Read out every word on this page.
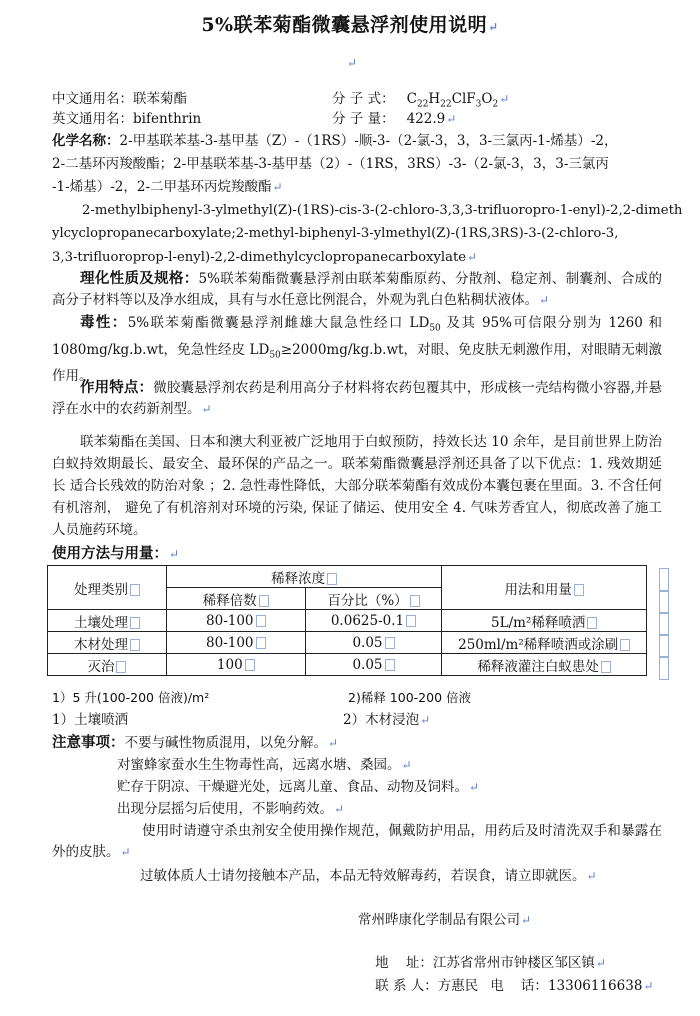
5%联苯菊酯微囊悬浮剂使用说明↵
↵
中文通用名：联苯菊酯	分 子 式： $C_{22}H_{22}ClF_3O_2↵$
英文通用名：bifenthrin	分 子 量： 422.9↵
化学名称：2-甲基联苯基-3-基甲基（Z）-（1RS）-顺-3-（2-氯-3，3，3-三氯丙-1-烯基）-2，
2-二基环丙羧酸酯；2-甲基联苯基-3-基甲基（2）-（1RS，3RS）-3-（2-氯-3，3，3-三氯丙
-1-烯基）-2，2-二甲基环丙烷羧酸酯↵
2-methylbiphenyl-3-ylmethyl(Z)-(1RS)-cis-3-(2-chloro-3,3,3-trifluoropro-1-enyl)-2,2-dimeth
ylcyclopropanecarboxylate;2-methyl-biphenyl-3-ylmethyl(Z)-(1RS,3RS)-3-(2-chloro-3,
3,3-trifluoroprop-l-enyl)-2,2-dimethylcyclopropanecarboxylate↵
理化性质及规格：5%联苯菊酯微囊悬浮剂由联苯菊酯原药、分散剂、稳定剂、制囊剂、合成的高分子材料等以及净水组成，具有与水任意比例混合，外观为乳白色粘稠状液体。↵
毒性：5%联苯菊酯微囊悬浮剂雌雄大鼠急性经口 $LD_{50}$ 及其 95%可信限分别为 1260 和 1080mg/kg.b.wt，免急性经皮 $LD_{50}\ge 2000mg/kg.b.wt$，对眼、免皮肤无刺激作用，对眼睛无刺激作用。
作用特点：微胶囊悬浮剂农药是利用高分子材料将农药包覆其中，形成核一壳结构微小容器,并悬浮在水中的农药新剂型。↵
联苯菊酯在美国、日本和澳大利亚被广泛地用于白蚁预防，持效长达 10 余年，是目前世界上防治白蚁持效期最长、最安全、最环保的产品之一。联苯菊酯微囊悬浮剂还具备了以下优点：1. 残效期延长 适合长残效的防治对象 ；2. 急性毒性降低，大部分联苯菊酯有效成份本囊包裹在里面。3. 不含任何有机溶剂， 避免了有机溶剂对环境的污染, 保证了储运、使用安全 4. 气味芳香宜人，彻底改善了施工人员施药环境。
使用方法与用量：↵
处理类别	稀释浓度		用法和用量
	稀释倍数	百分比（%）	
土壤处理	80-100	0.0625-0.1	5L/m²稀释喷洒
木材处理	80-100	0.05	250ml/m²稀释喷洒或涂刷
灭治	100	0.05	稀释液灌注白蚁患处
1）5 升(100-200 倍液)/m²	2)稀释 100-200 倍液
1）土壤喷洒	2）木材浸泡↵
注意事项：不要与碱性物质混用，以免分解。↵
对蜜蜂家蚕水生生物毒性高，远离水塘、桑园。↵
贮存于阴凉、干燥避光处，远离儿童、食品、动物及饲料。↵
出现分层摇匀后使用，不影响药效。↵
使用时请遵守杀虫剂安全使用操作规范，佩戴防护用品，用药后及时清洗双手和暴露在外的皮肤。↵
过敏体质人士请勿接触本产品，本品无特效解毒药，若误食，请立即就医。↵
常州晔康化学制品有限公司↵

地    址：江苏省常州市钟楼区邹区镇↵

联 系 人：方惠民 电    话：13306116638↵
